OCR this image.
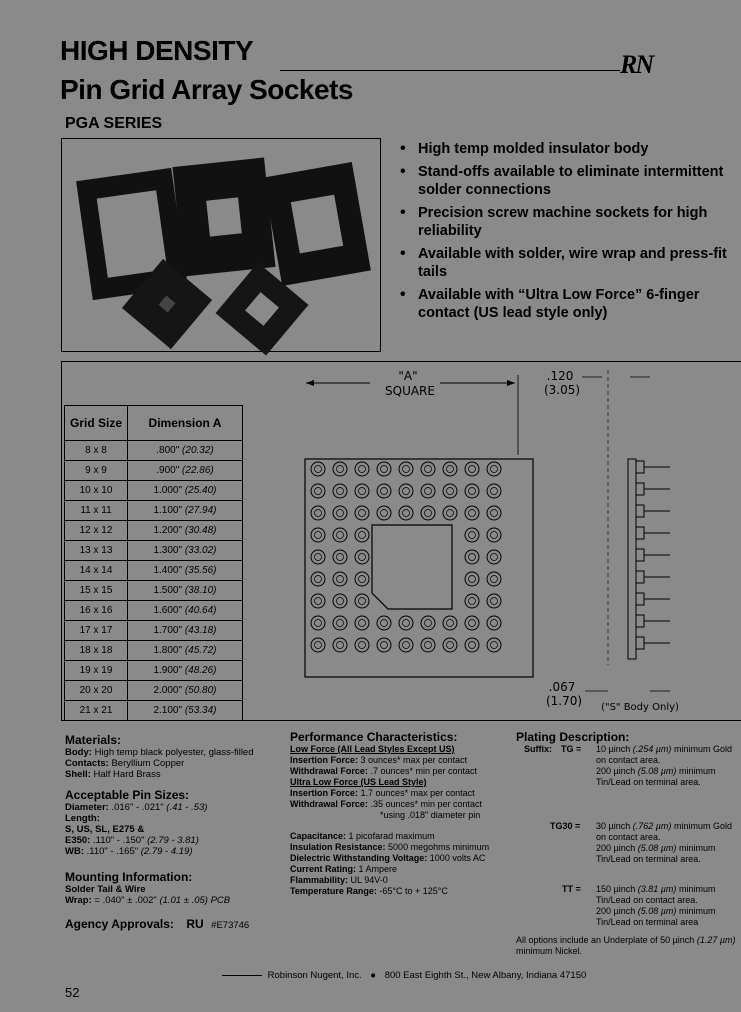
HIGH DENSITY
Pin Grid Array Sockets
PGA SERIES
RN
• High temp molded insulator body
• Stand-offs available to eliminate intermittent solder connections
• Precision screw machine sockets for high reliability
• Available with solder, wire wrap and press-fit tails
• Available with “Ultra Low Force” 6-finger contact (US lead style only)
Grid Size	Dimension A
8 x 8	.800" (20.32)
9 x 9	.900" (22.86)
10 x 10	1.000" (25.40)
11 x 11	1.100" (27.94)
12 x 12	1.200" (30.48)
13 x 13	1.300" (33.02)
14 x 14	1.400" (35.56)
15 x 15	1.500" (38.10)
16 x 16	1.600" (40.64)
17 x 17	1.700" (43.18)
18 x 18	1.800" (45.72)
19 x 19	1.900" (48.26)
20 x 20	2.000" (50.80)
21 x 21	2.100" (53.34)
"A"
SQUARE
.120
(3.05)
.067
(1.70) ("S" Body Only)
Materials:

Body: High temp black polyester, glass-filled

Contacts: Beryllium Copper

Shell: Half Hard Brass

Acceptable Pin Sizes:

Diameter: .016" - .021" (.41 - .53)

Length:

S, US, SL, E275 &

E350: .110" - .150" (2.79 - 3.81)

WB: .110" - .165" (2.79 - 4.19)

Mounting Information:

Solder Tail & Wire

Wrap: = .040" ± .002" (1.01 ± .05) PCB

Agency Approvals: RU #E73746
Performance Characteristics:

Low Force (All Lead Styles Except US)

Insertion Force: 3 ounces* max per contact

Withdrawal Force: .7 ounces* min per contact

Ultra Low Force (US Lead Style)

Insertion Force: 1.7 ounces* max per contact

Withdrawal Force: .35 ounces* min per contact

*using .018" diameter pin

Capacitance: 1 picofarad maximum

Insulation Resistance: 5000 megohms minimum

Dielectric Withstanding Voltage: 1000 volts AC

Current Rating: 1 Ampere

Flammability: UL 94V-0

Temperature Range: -65°C to + 125°C

Plating Description:
Suffix: TG = 10 µinch (.254 µm) minimum Gold on contact area.

200 µinch (5.08 µm) minimum Tin/Lead on terminal area.

TG30 = 30 µinch (.762 µm) minimum Gold on contact area.

200 µinch (5.08 µm) minimum Tin/Lead on terminal area.

TT = 150 µinch (3.81 µm) minimum Tin/Lead on contact area.

200 µinch (5.08 µm) minimum Tin/Lead on terminal area

All options include an Underplate of 50 µinch (1.27 µm) minimum Nickel.

Robinson Nugent, Inc. ● 800 East Eighth St., New Albany, Indiana 47150
52
